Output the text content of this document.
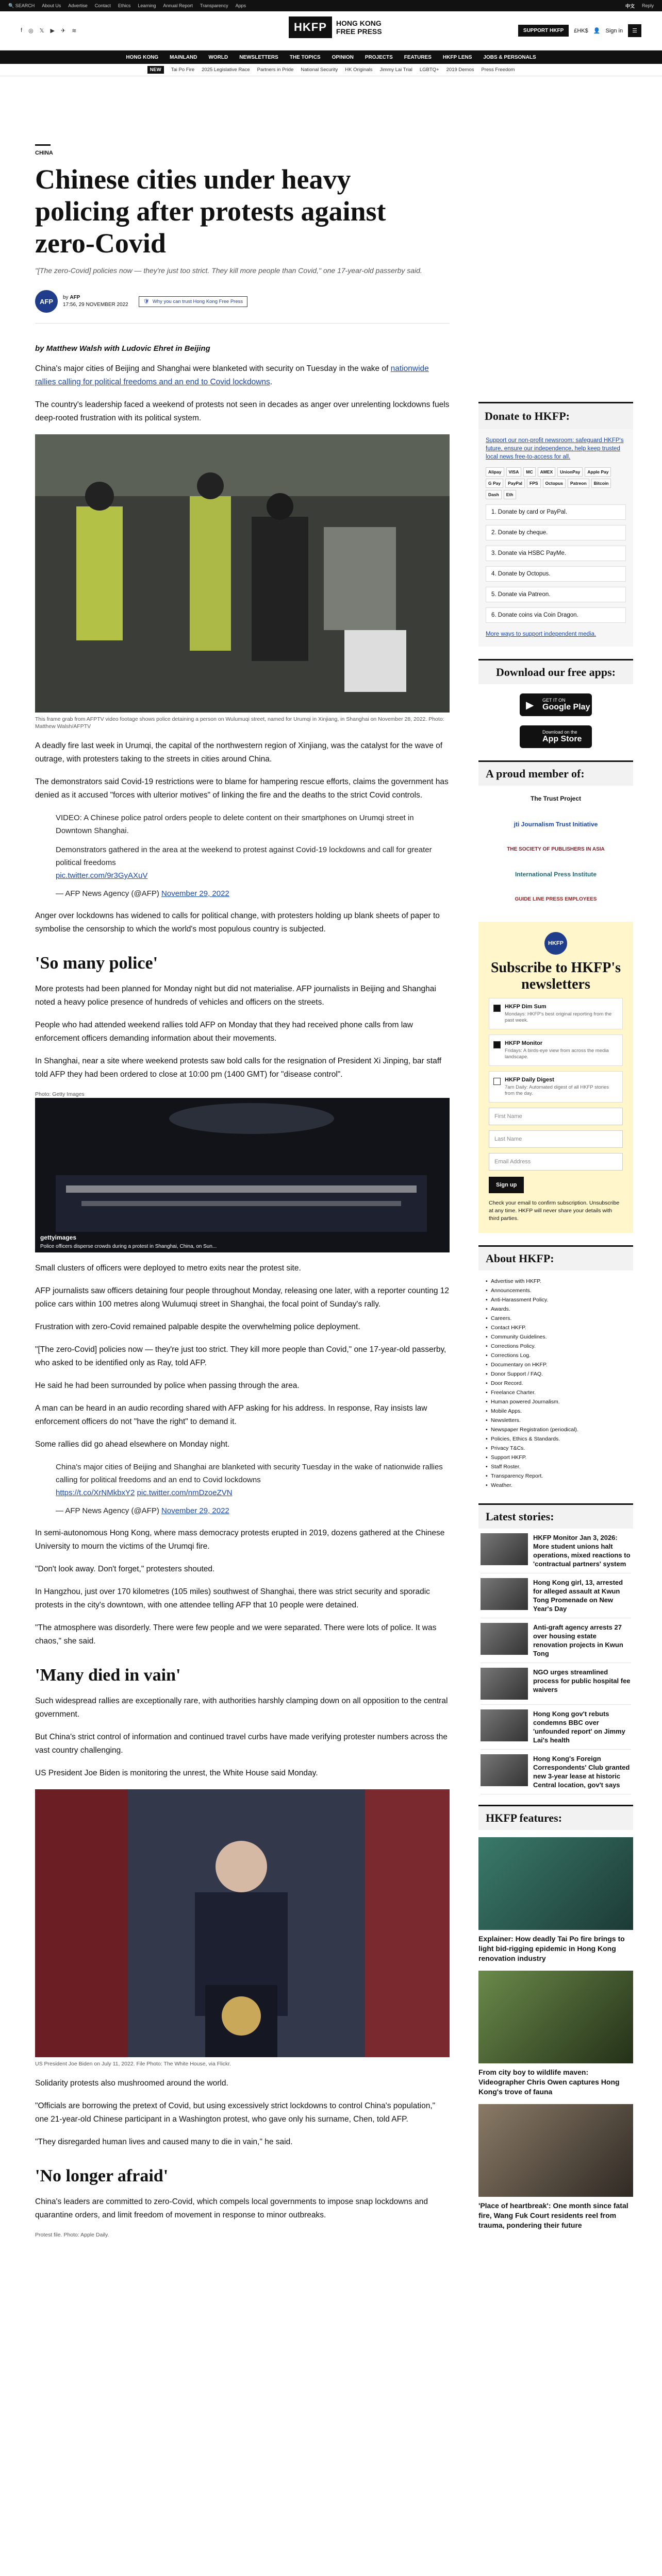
🔍 SEARCH About Us Advertise Contact Ethics Learning Annual Report Transparency Apps	中文 Reply
f ◎ 𝕏 ▶ ✈ ≋	HKFP	HONG KONG
FREE PRESS	SUPPORT HKFP	£HK$ 👤 Sign in	☰
HONG KONG MAINLAND WORLD NEWSLETTERS THE TOPICS OPINION PROJECTS FEATURES HKFP LENS JOBS & PERSONALS
NEW	Tai Po Fire 2025 Legislative Race Partners in Pride National Security HK Originals Jimmy Lai Trial LGBTQ+ 2019 Demos Press Freedom
CHINA
Chinese cities under heavy policing after protests against zero-Covid
"[The zero-Covid] policies now — they're just too strict. They kill more people than Covid," one 17-year-old passerby said.
AFP	by AFP
17:56, 29 NOVEMBER 2022
🛡 Why you can trust Hong Kong Free Press
by Matthew Walsh with Ludovic Ehret in Beijing

China's major cities of Beijing and Shanghai were blanketed with security on Tuesday in the wake of nationwide rallies calling for political freedoms and an end to Covid lockdowns.

The country's leadership faced a weekend of protests not seen in decades as anger over unrelenting lockdowns fuels deep-rooted frustration with its political system.

This frame grab from AFPTV video footage shows police detaining a person on Wulumuqi street, named for Urumqi in Xinjiang, in Shanghai on November 28, 2022. Photo: Matthew Walsh/AFPTV

A deadly fire last week in Urumqi, the capital of the northwestern region of Xinjiang, was the catalyst for the wave of outrage, with protesters taking to the streets in cities around China.

The demonstrators said Covid-19 restrictions were to blame for hampering rescue efforts, claims the government has denied as it accused "forces with ulterior motives" of linking the fire and the deaths to the strict Covid controls.

VIDEO: A Chinese police patrol orders people to delete content on their smartphones on Urumqi street in Downtown Shanghai.
Demonstrators gathered in the area at the weekend to protest against Covid-19 lockdowns and call for greater political freedoms
pic.twitter.com/9r3GyAXuV
— AFP News Agency (@AFP) November 29, 2022

Anger over lockdowns has widened to calls for political change, with protesters holding up blank sheets of paper to symbolise the censorship to which the world's most populous country is subjected.

'So many police'

More protests had been planned for Monday night but did not materialise. AFP journalists in Beijing and Shanghai noted a heavy police presence of hundreds of vehicles and officers on the streets.

People who had attended weekend rallies told AFP on Monday that they had received phone calls from law enforcement officers demanding information about their movements.

In Shanghai, near a site where weekend protests saw bold calls for the resignation of President Xi Jinping, bar staff told AFP they had been ordered to close at 10:00 pm (1400 GMT) for "disease control".

Photo: Getty Images
Police officers disperse crowds during a protest in Shanghai, China, on Sun...
gettyimages

Small clusters of officers were deployed to metro exits near the protest site.

AFP journalists saw officers detaining four people throughout Monday, releasing one later, with a reporter counting 12 police cars within 100 metres along Wulumuqi street in Shanghai, the focal point of Sunday's rally.

Frustration with zero-Covid remained palpable despite the overwhelming police deployment.

"[The zero-Covid] policies now — they're just too strict. They kill more people than Covid," one 17-year-old passerby, who asked to be identified only as Ray, told AFP.

He said he had been surrounded by police when passing through the area.

A man can be heard in an audio recording shared with AFP asking for his address. In response, Ray insists law enforcement officers do not "have the right" to demand it.

Some rallies did go ahead elsewhere on Monday night.

China's major cities of Beijing and Shanghai are blanketed with security Tuesday in the wake of nationwide rallies calling for political freedoms and an end to Covid lockdowns
https://t.co/XrNMkbxY2 pic.twitter.com/nmDzoeZVN
— AFP News Agency (@AFP) November 29, 2022

In semi-autonomous Hong Kong, where mass democracy protests erupted in 2019, dozens gathered at the Chinese University to mourn the victims of the Urumqi fire.

"Don't look away. Don't forget," protesters shouted.

In Hangzhou, just over 170 kilometres (105 miles) southwest of Shanghai, there was strict security and sporadic protests in the city's downtown, with one attendee telling AFP that 10 people were detained.

"The atmosphere was disorderly. There were few people and we were separated. There were lots of police. It was chaos," she said.

'Many died in vain'

Such widespread rallies are exceptionally rare, with authorities harshly clamping down on all opposition to the central government.

But China's strict control of information and continued travel curbs have made verifying protester numbers across the vast country challenging.

US President Joe Biden is monitoring the unrest, the White House said Monday.

US President Joe Biden on July 11, 2022. File Photo: The White House, via Flickr.

Solidarity protests also mushroomed around the world.

"Officials are borrowing the pretext of Covid, but using excessively strict lockdowns to control China's population," one 21-year-old Chinese participant in a Washington protest, who gave only his surname, Chen, told AFP.

"They disregarded human lives and caused many to die in vain," he said.

'No longer afraid'

China's leaders are committed to zero-Covid, which compels local governments to impose snap lockdowns and quarantine orders, and limit freedom of movement in response to minor outbreaks.

Protest file. Photo: Apple Daily.
Donate to HKFP:

Support our non-profit newsroom: safeguard HKFP's future, ensure our independence, help keep trusted local news free-to-access for all.

Alipay	VISA	MC	AMEX	UnionPay	Apple Pay
G Pay	PayPal	FPS	Octopus	Patreon	Bitcoin
Dash	Eth
1. Donate by card or PayPal.
2. Donate by cheque.
3. Donate via HSBC PayMe.
4. Donate by Octopus.
5. Donate via Patreon.
6. Donate coins via Coin Dragon.

More ways to support independent media.

Download our free apps:
▶ GET IT ON
Google Play
Download on the
App Store
A proud member of:
The Trust Project
jti Journalism Trust Initiative
THE SOCIETY OF PUBLISHERS IN ASIA
International Press Institute
GUIDE LINE PRESS EMPLOYEES
HKFP
Subscribe to HKFP's newsletters
HKFP Dim Sum
Mondays: HKFP's best original reporting from the past week.
HKFP Monitor
Fridays: A birds-eye view from across the media landscape.
HKFP Daily Digest
7am Daily: Automated digest of all HKFP stories from the day.
First Name
Last Name
Email Address
Sign up

Check your email to confirm subscription. Unsubscribe at any time. HKFP will never share your details with third parties.

About HKFP:
• Advertise with HKFP.
• Announcements.
• Anti-Harassment Policy.
• Awards.
• Careers.
• Contact HKFP.
• Community Guidelines.
• Corrections Policy.
• Corrections Log.
• Documentary on HKFP.
• Donor Support / FAQ.
• Door Record.
• Freelance Charter.
• Human powered Journalism.
• Mobile Apps.
• Newsletters.
• Newspaper Registration (periodical).
• Policies, Ethics & Standards.
• Privacy T&Cs.
• Support HKFP.
• Staff Roster.
• Transparency Report.
• Weather.
Latest stories:
HKFP Monitor Jan 3, 2026: More student unions halt operations, mixed reactions to 'contractual partners' system
Hong Kong girl, 13, arrested for alleged assault at Kwun Tong Promenade on New Year's Day
Anti-graft agency arrests 27 over housing estate renovation projects in Kwun Tong
NGO urges streamlined process for public hospital fee waivers
Hong Kong gov't rebuts condemns BBC over 'unfounded report' on Jimmy Lai's health
Hong Kong's Foreign Correspondents' Club granted new 3-year lease at historic Central location, gov't says
HKFP features:
Explainer: How deadly Tai Po fire brings to light bid-rigging epidemic in Hong Kong renovation industry
From city boy to wildlife maven: Videographer Chris Owen captures Hong Kong's trove of fauna
'Place of heartbreak': One month since fatal fire, Wang Fuk Court residents reel from trauma, pondering their future
